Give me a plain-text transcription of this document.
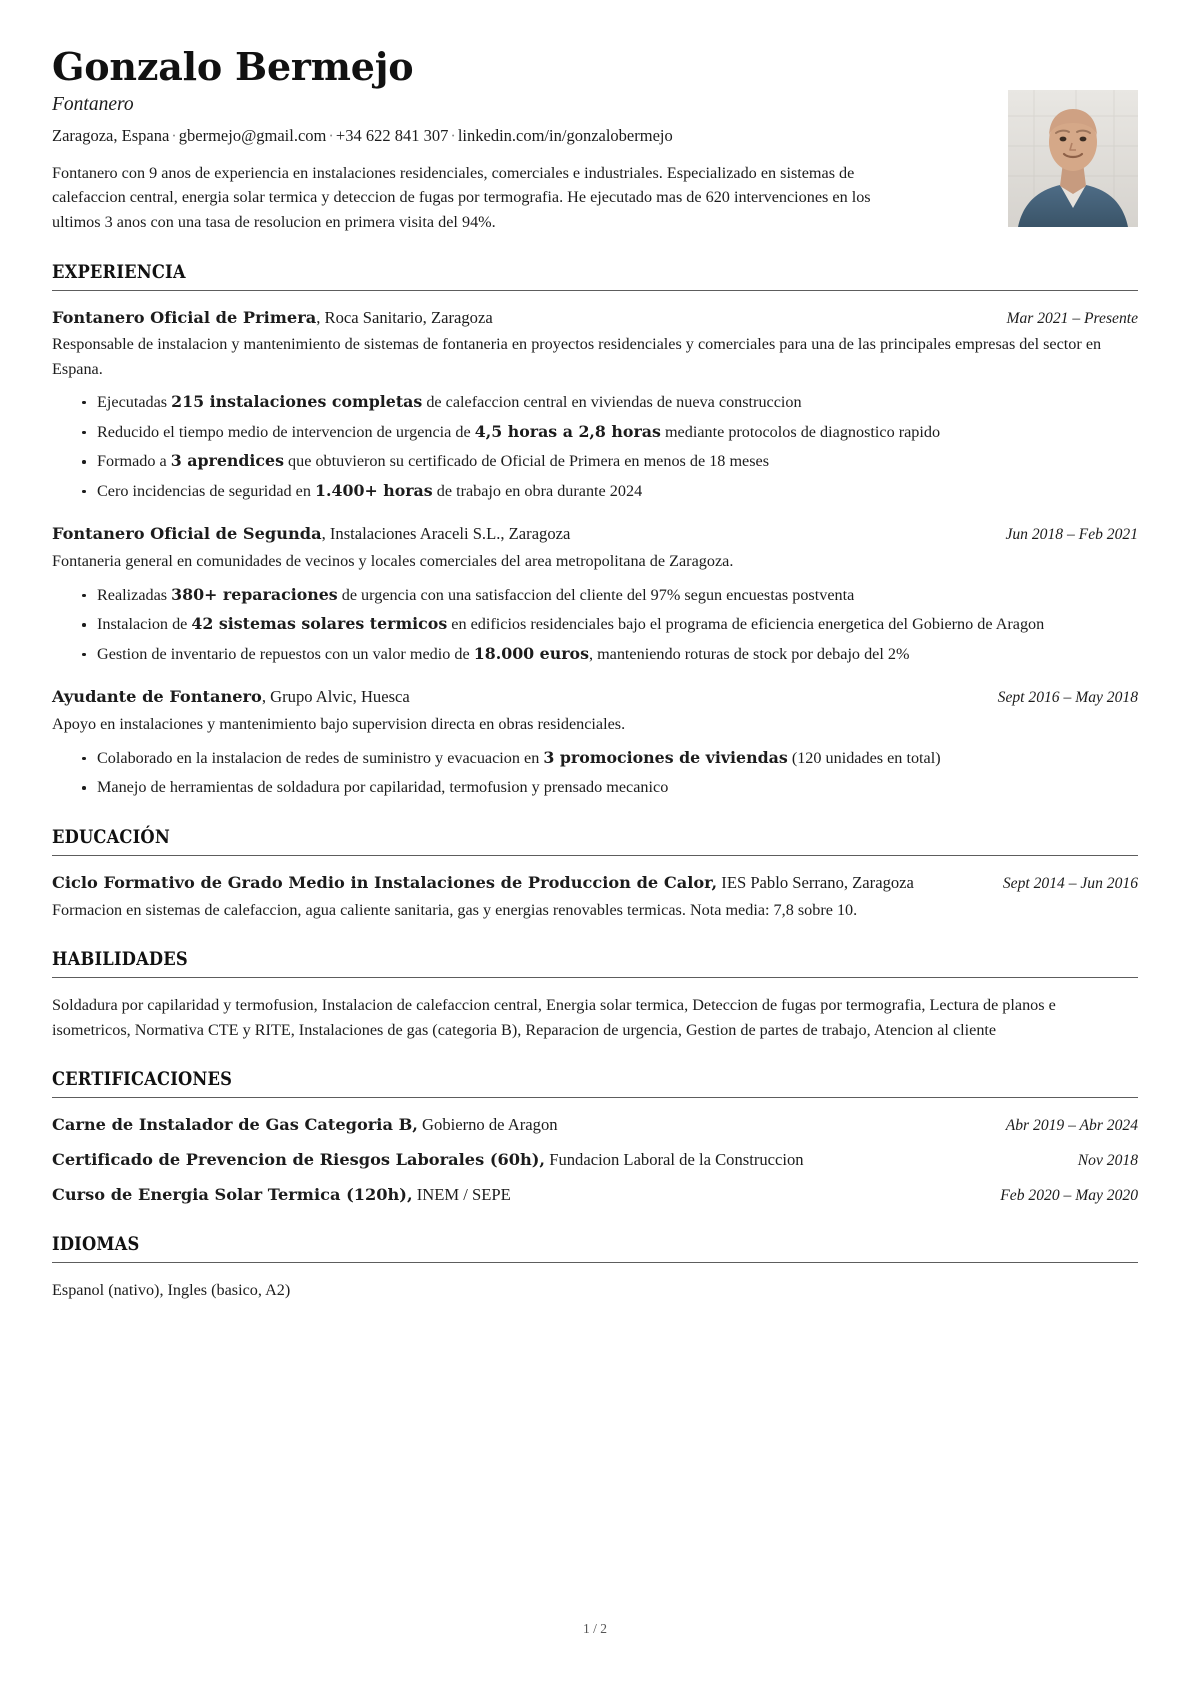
Gonzalo Bermejo
Fontanero
Zaragoza, Espana · gbermejo@gmail.com · +34 622 841 307 · linkedin.com/in/gonzalobermejo

Fontanero con 9 anos de experiencia en instalaciones residenciales, comerciales e industriales. Especializado en sistemas de calefaccion central, energia solar termica y deteccion de fugas por termografia. He ejecutado mas de 620 intervenciones en los ultimos 3 anos con una tasa de resolucion en primera visita del 94%.

EXPERIENCIA
Fontanero Oficial de Primera, Roca Sanitario, Zaragoza	Mar 2021 – Presente

Responsable de instalacion y mantenimiento de sistemas de fontaneria en proyectos residenciales y comerciales para una de las principales empresas del sector en Espana.

Ejecutadas 215 instalaciones completas de calefaccion central en viviendas de nueva construccion
Reducido el tiempo medio de intervencion de urgencia de 4,5 horas a 2,8 horas mediante protocolos de diagnostico rapido
Formado a 3 aprendices que obtuvieron su certificado de Oficial de Primera en menos de 18 meses
Cero incidencias de seguridad en 1.400+ horas de trabajo en obra durante 2024
Fontanero Oficial de Segunda, Instalaciones Araceli S.L., Zaragoza	Jun 2018 – Feb 2021

Fontaneria general en comunidades de vecinos y locales comerciales del area metropolitana de Zaragoza.

Realizadas 380+ reparaciones de urgencia con una satisfaccion del cliente del 97% segun encuestas postventa
Instalacion de 42 sistemas solares termicos en edificios residenciales bajo el programa de eficiencia energetica del Gobierno de Aragon
Gestion de inventario de repuestos con un valor medio de 18.000 euros, manteniendo roturas de stock por debajo del 2%
Ayudante de Fontanero, Grupo Alvic, Huesca	Sept 2016 – May 2018

Apoyo en instalaciones y mantenimiento bajo supervision directa en obras residenciales.

Colaborado en la instalacion de redes de suministro y evacuacion en 3 promociones de viviendas (120 unidades en total)
Manejo de herramientas de soldadura por capilaridad, termofusion y prensado mecanico
EDUCACIÓN
Ciclo Formativo de Grado Medio in Instalaciones de Produccion de Calor, IES Pablo Serrano, Zaragoza	Sept 2014 – Jun 2016

Formacion en sistemas de calefaccion, agua caliente sanitaria, gas y energias renovables termicas. Nota media: 7,8 sobre 10.

HABILIDADES

Soldadura por capilaridad y termofusion, Instalacion de calefaccion central, Energia solar termica, Deteccion de fugas por termografia, Lectura de planos e isometricos, Normativa CTE y RITE, Instalaciones de gas (categoria B), Reparacion de urgencia, Gestion de partes de trabajo, Atencion al cliente

CERTIFICACIONES
Carne de Instalador de Gas Categoria B, Gobierno de Aragon	Abr 2019 – Abr 2024
Certificado de Prevencion de Riesgos Laborales (60h), Fundacion Laboral de la Construccion	Nov 2018
Curso de Energia Solar Termica (120h), INEM / SEPE	Feb 2020 – May 2020
IDIOMAS

Espanol (nativo), Ingles (basico, A2)

1 / 2
